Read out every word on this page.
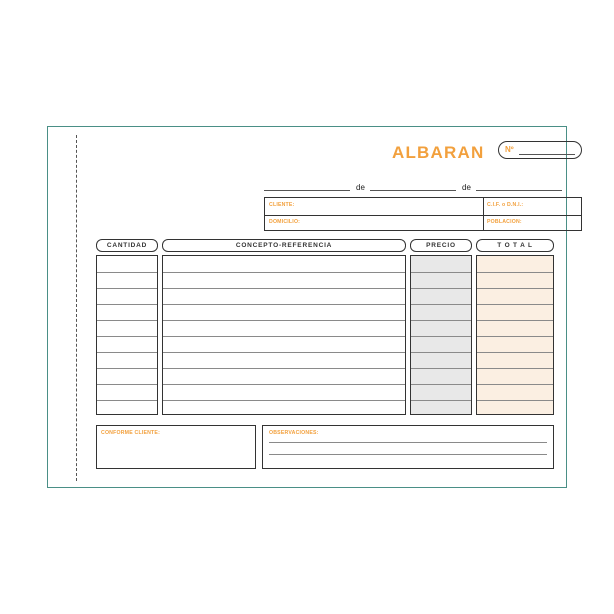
ALBARAN	Nº
de	de
CLIENTE:	C.I.F. o D.N.I.:
DOMICILIO:	POBLACION:
CANTIDAD	CONCEPTO-REFERENCIA	PRECIO	T O T A L
CONFORME CLIENTE:	OBSERVACIONES:
